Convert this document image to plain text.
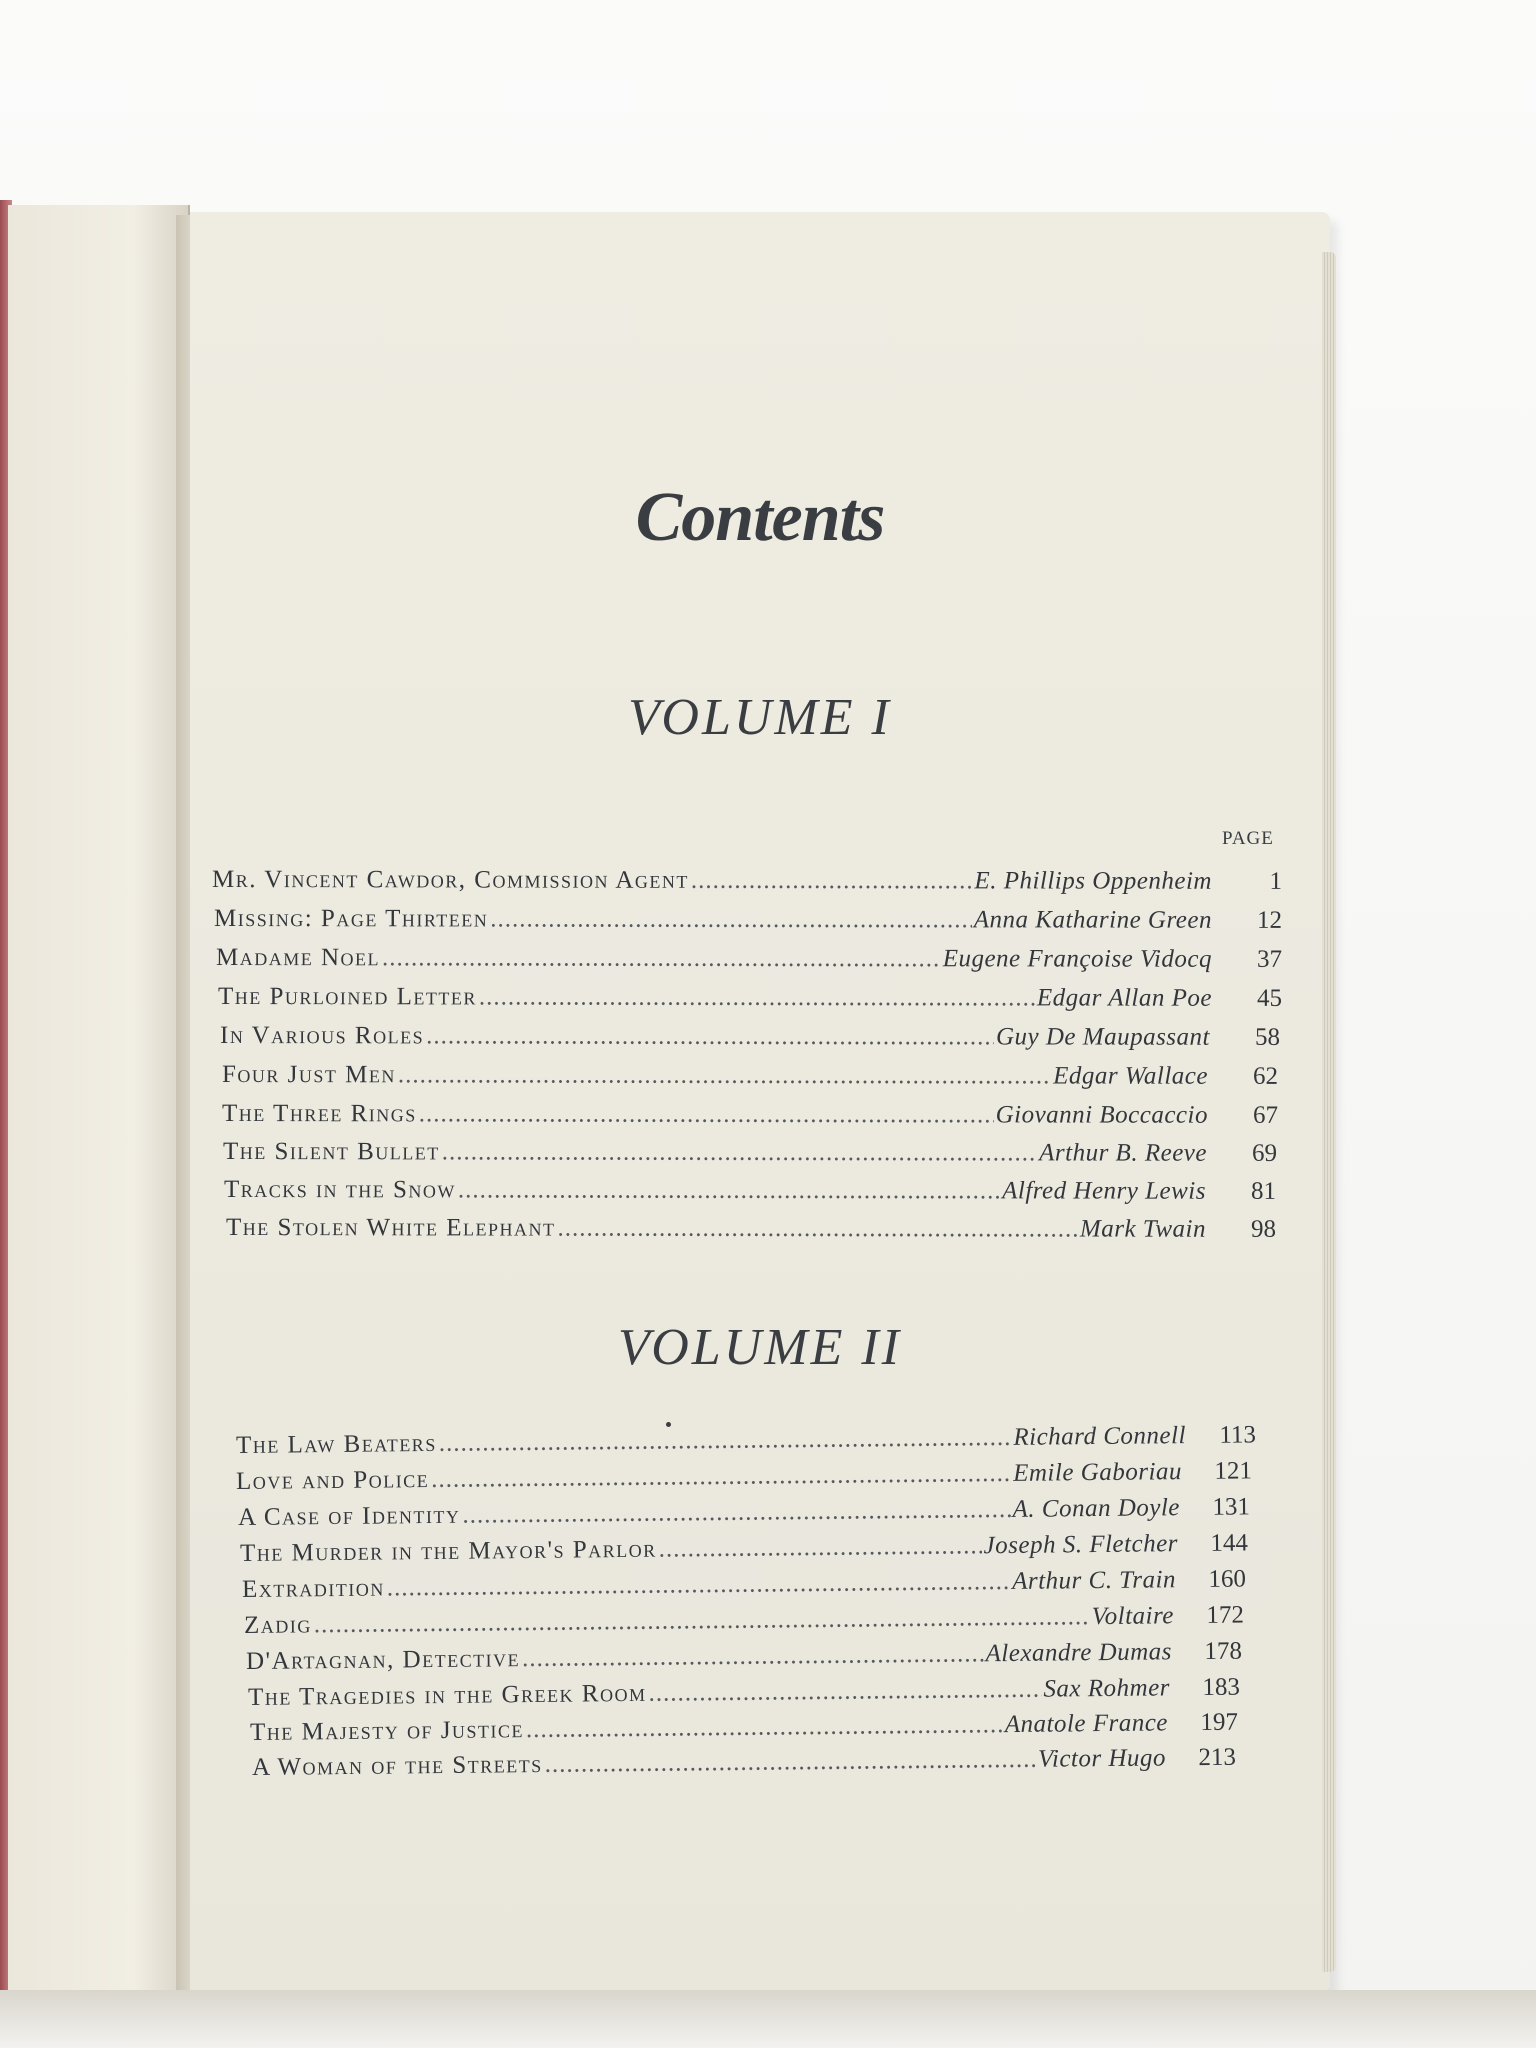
Contents
VOLUME I
PAGE
Mr. Vincent Cawdor, Commission Agent .....	E. Phillips Oppenheim	1
Missing: Page Thirteen .....	Anna Katharine Green	12
Madame Noel .....	Eugene Françoise Vidocq	37
The Purloined Letter .....	Edgar Allan Poe	45
In Various Roles .....	Guy De Maupassant	58
Four Just Men .....	Edgar Wallace	62
The Three Rings .....	Giovanni Boccaccio	67
The Silent Bullet .....	Arthur B. Reeve	69
Tracks in the Snow .....	Alfred Henry Lewis	81
The Stolen White Elephant .....	Mark Twain	98
VOLUME II
The Law Beaters .....	Richard Connell	113
Love and Police .....	Emile Gaboriau	121
A Case of Identity .....	A. Conan Doyle	131
The Murder in the Mayor's Parlor .....	Joseph S. Fletcher	144
Extradition .....	Arthur C. Train	160
Zadig .....	Voltaire	172
D'Artagnan, Detective .....	Alexandre Dumas	178
The Tragedies in the Greek Room .....	Sax Rohmer	183
The Majesty of Justice .....	Anatole France	197
A Woman of the Streets .....	Victor Hugo	213
